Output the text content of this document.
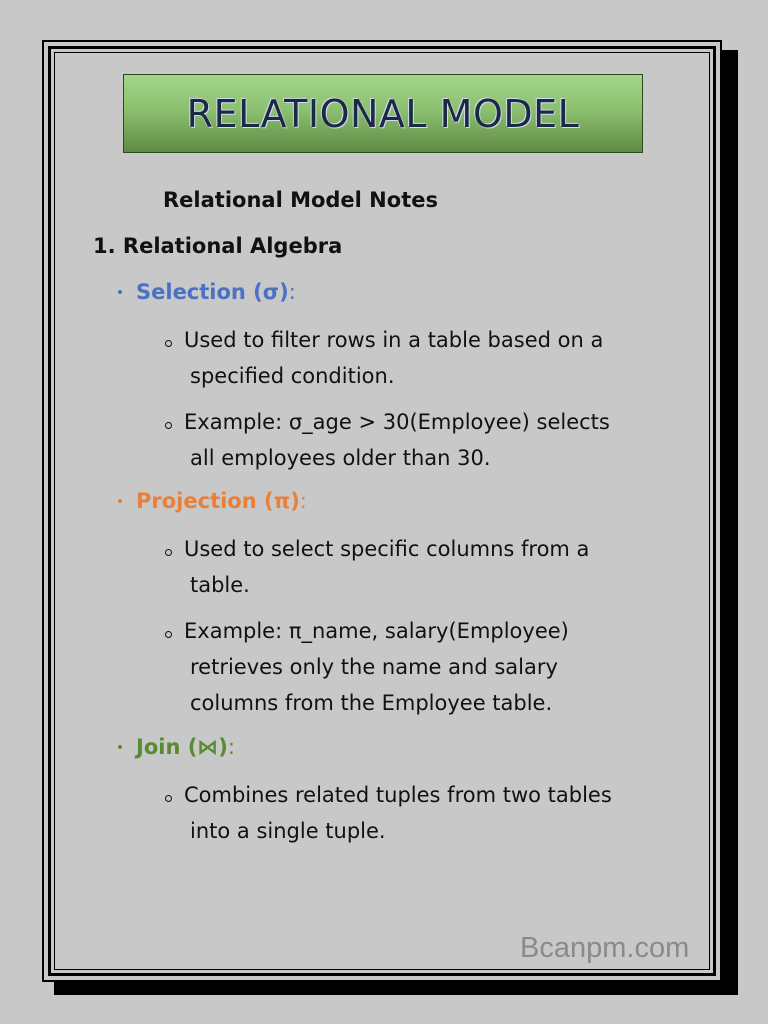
RELATIONAL MODEL
Relational Model Notes
1. Relational Algebra
Selection (σ):
Used to filter rows in a table based on a
specified condition.
Example: σ_age > 30(Employee) selects
all employees older than 30.
Projection (π):
Used to select specific columns from a
table.
Example: π_name, salary(Employee)
retrieves only the name and salary
columns from the Employee table.
Join (⋈):
Combines related tuples from two tables
into a single tuple.
Bcanpm.com
